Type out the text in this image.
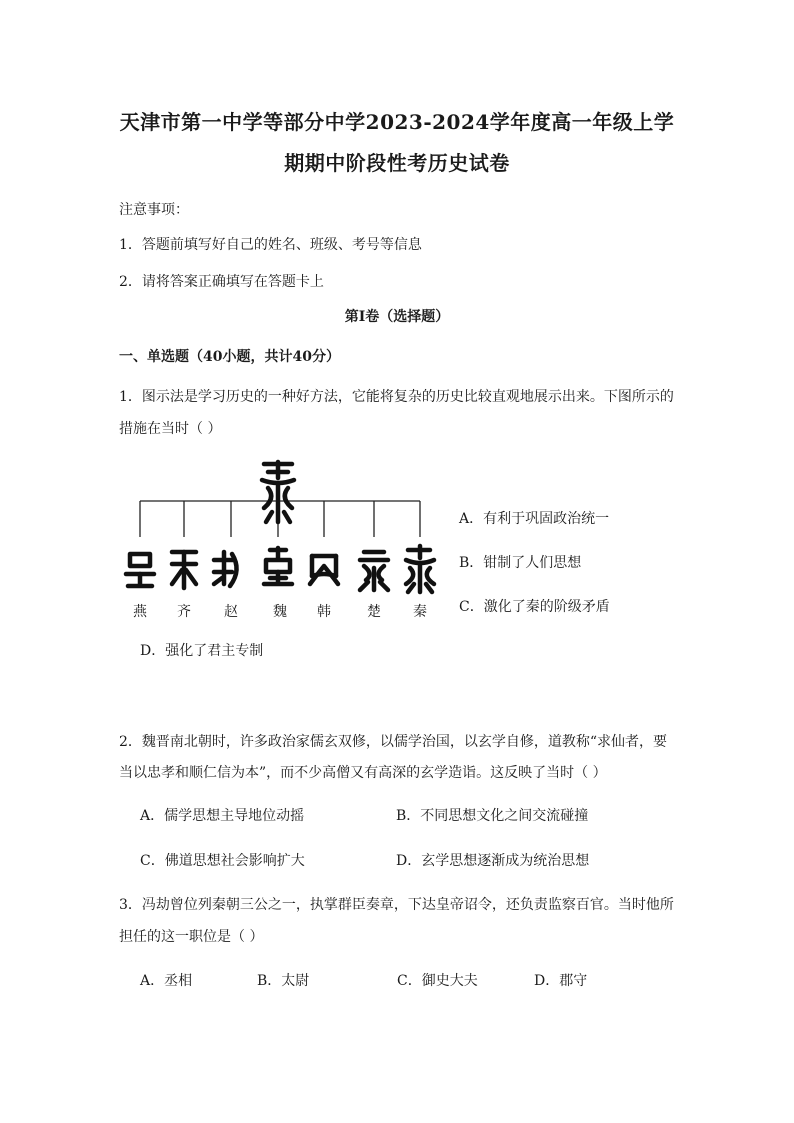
天津市第一中学等部分中学2023-2024学年度高一年级上学
期期中阶段性考历史试卷
注意事项：
1．答题前填写好自己的姓名、班级、考号等信息
2．请将答案正确填写在答题卡上
第I卷（选择题）
一、单选题（40小题，共计40分）
1．图示法是学习历史的一种好方法，它能将复杂的历史比较直观地展示出来。下图所示的
措施在当时（ ）
燕 齐 赵	魏 韩	楚 秦
A．有利于巩固政治统一
B．钳制了人们思想
C．激化了秦的阶级矛盾
D．强化了君主专制
2．魏晋南北朝时，许多政治家儒玄双修，以儒学治国，以玄学自修，道教称“求仙者，要
当以忠孝和顺仁信为本”，而不少高僧又有高深的玄学造诣。这反映了当时（ ）
A．儒学思想主导地位动摇	B．不同思想文化之间交流碰撞
C．佛道思想社会影响扩大	D．玄学思想逐渐成为统治思想
3．冯劫曾位列秦朝三公之一，执掌群臣奏章，下达皇帝诏令，还负责监察百官。当时他所
担任的这一职位是（ ）
A．丞相	B．太尉	C．御史大夫	D．郡守
